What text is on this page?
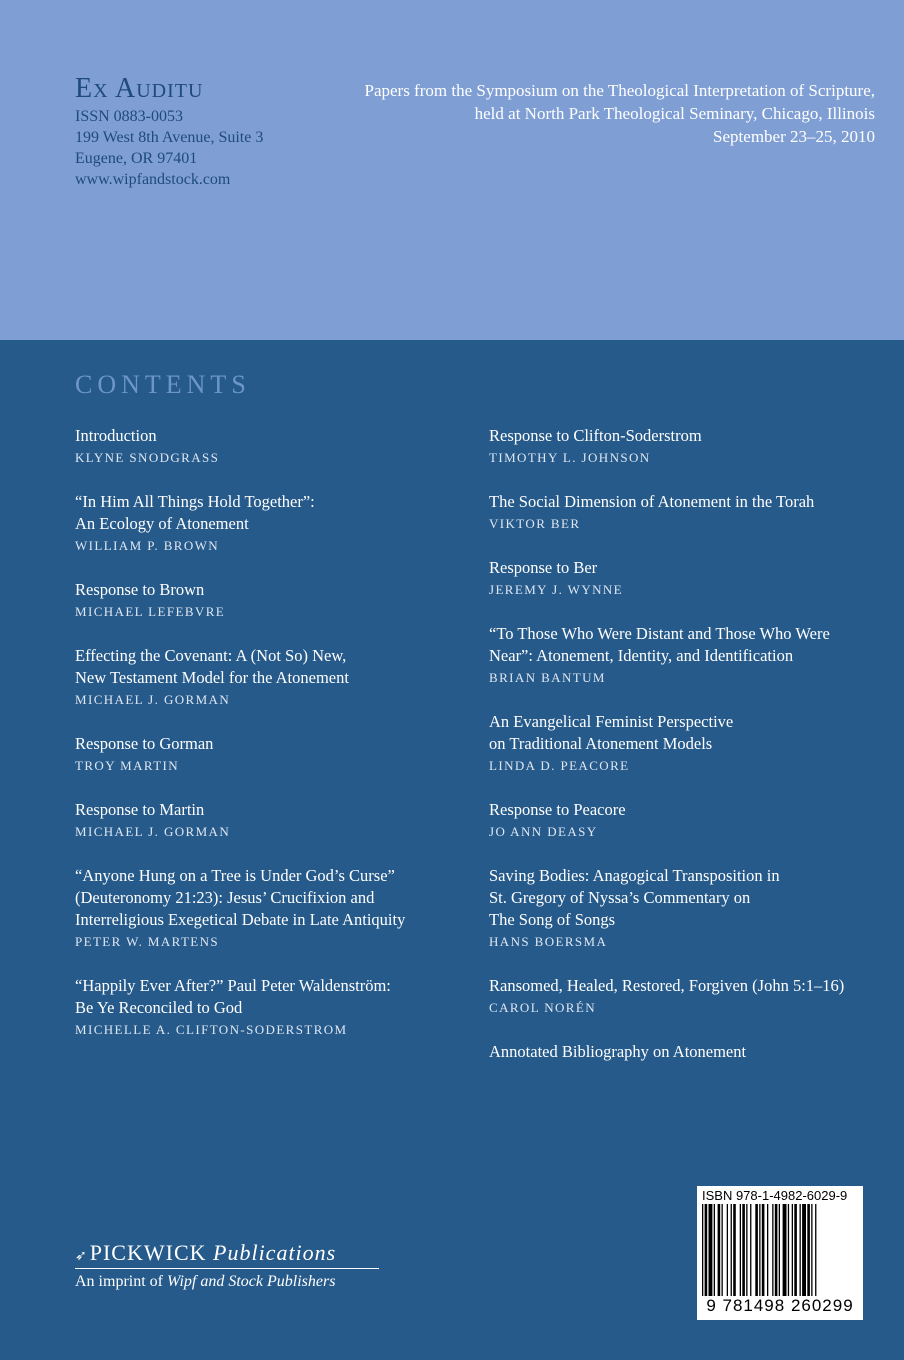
Ex Auditu
ISSN 0883-0053
199 West 8th Avenue, Suite 3
Eugene, OR 97401
www.wipfandstock.com
Papers from the Symposium on the Theological Interpretation of Scripture,
held at North Park Theological Seminary, Chicago, Illinois
September 23–25, 2010
CONTENTS
Introduction
KLYNE SNODGRASS
“In Him All Things Hold Together”:
An Ecology of Atonement
WILLIAM P. BROWN
Response to Brown
MICHAEL LEFEBVRE
Effecting the Covenant: A (Not So) New,
New Testament Model for the Atonement
MICHAEL J. GORMAN
Response to Gorman
TROY MARTIN
Response to Martin
MICHAEL J. GORMAN
“Anyone Hung on a Tree is Under God’s Curse”
(Deuteronomy 21:23): Jesus’ Crucifixion and
Interreligious Exegetical Debate in Late Antiquity
PETER W. MARTENS
“Happily Ever After?” Paul Peter Waldenström:
Be Ye Reconciled to God
MICHELLE A. CLIFTON-SODERSTROM
Response to Clifton-Soderstrom
TIMOTHY L. JOHNSON
The Social Dimension of Atonement in the Torah
VIKTOR BER
Response to Ber
JEREMY J. WYNNE
“To Those Who Were Distant and Those Who Were
Near”: Atonement, Identity, and Identification
BRIAN BANTUM
An Evangelical Feminist Perspective
on Traditional Atonement Models
LINDA D. PEACORE
Response to Peacore
JO ANN DEASY
Saving Bodies: Anagogical Transposition in
St. Gregory of Nyssa’s Commentary on
The Song of Songs
HANS BOERSMA
Ransomed, Healed, Restored, Forgiven (John 5:1–16)
CAROL NORÉN
Annotated Bibliography on Atonement
➶PICKWICK Publications
An imprint of Wipf and Stock Publishers
ISBN 978-1-4982-6029-9
9 781498 260299
